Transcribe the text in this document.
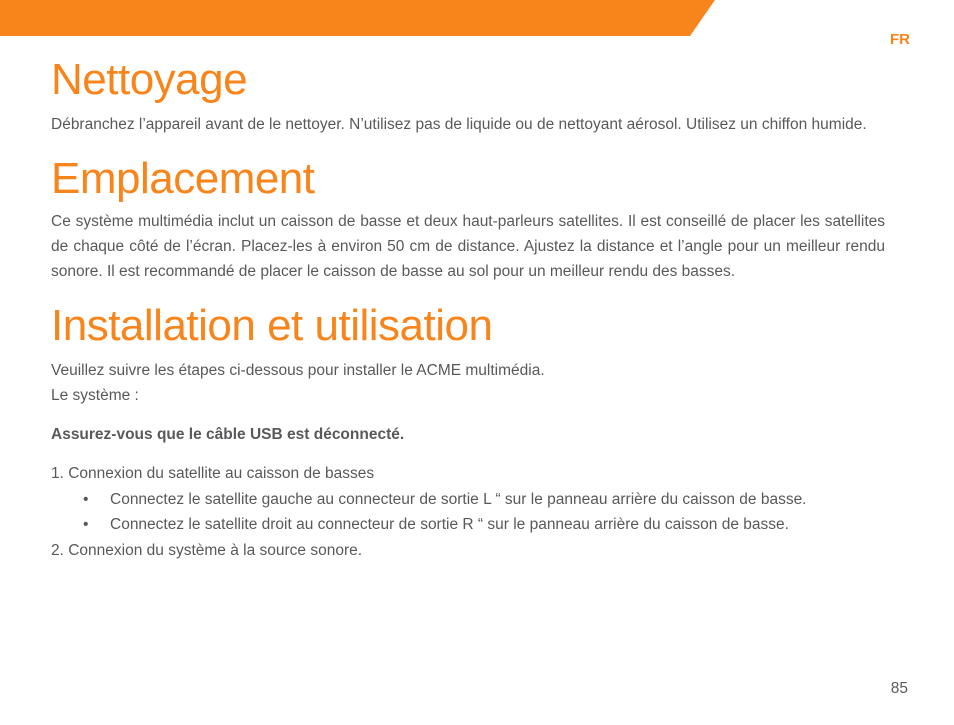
FR
Nettoyage

Débranchez l’appareil avant de le nettoyer. N’utilisez pas de liquide ou de nettoyant aérosol. Utilisez un chiffon humide.

Emplacement

Ce système multimédia inclut un caisson de basse et deux haut-parleurs satellites. Il est conseillé de placer les satellites de chaque côté de l’écran. Placez-les à environ 50 cm de distance. Ajustez la distance et l’angle pour un meilleur rendu sonore. Il est recommandé de placer le caisson de basse au sol pour un meilleur rendu des basses.

Installation et utilisation

Veuillez suivre les étapes ci-dessous pour installer le ACME multimédia.

Le système :

Assurez-vous que le câble USB est déconnecté.

1. Connexion du satellite au caisson de basses

• Connectez le satellite gauche au connecteur de sortie L “ sur le panneau arrière du caisson de basse.
• Connectez le satellite droit au connecteur de sortie R “ sur le panneau arrière du caisson de basse.

2. Connexion du système à la source sonore.

85
